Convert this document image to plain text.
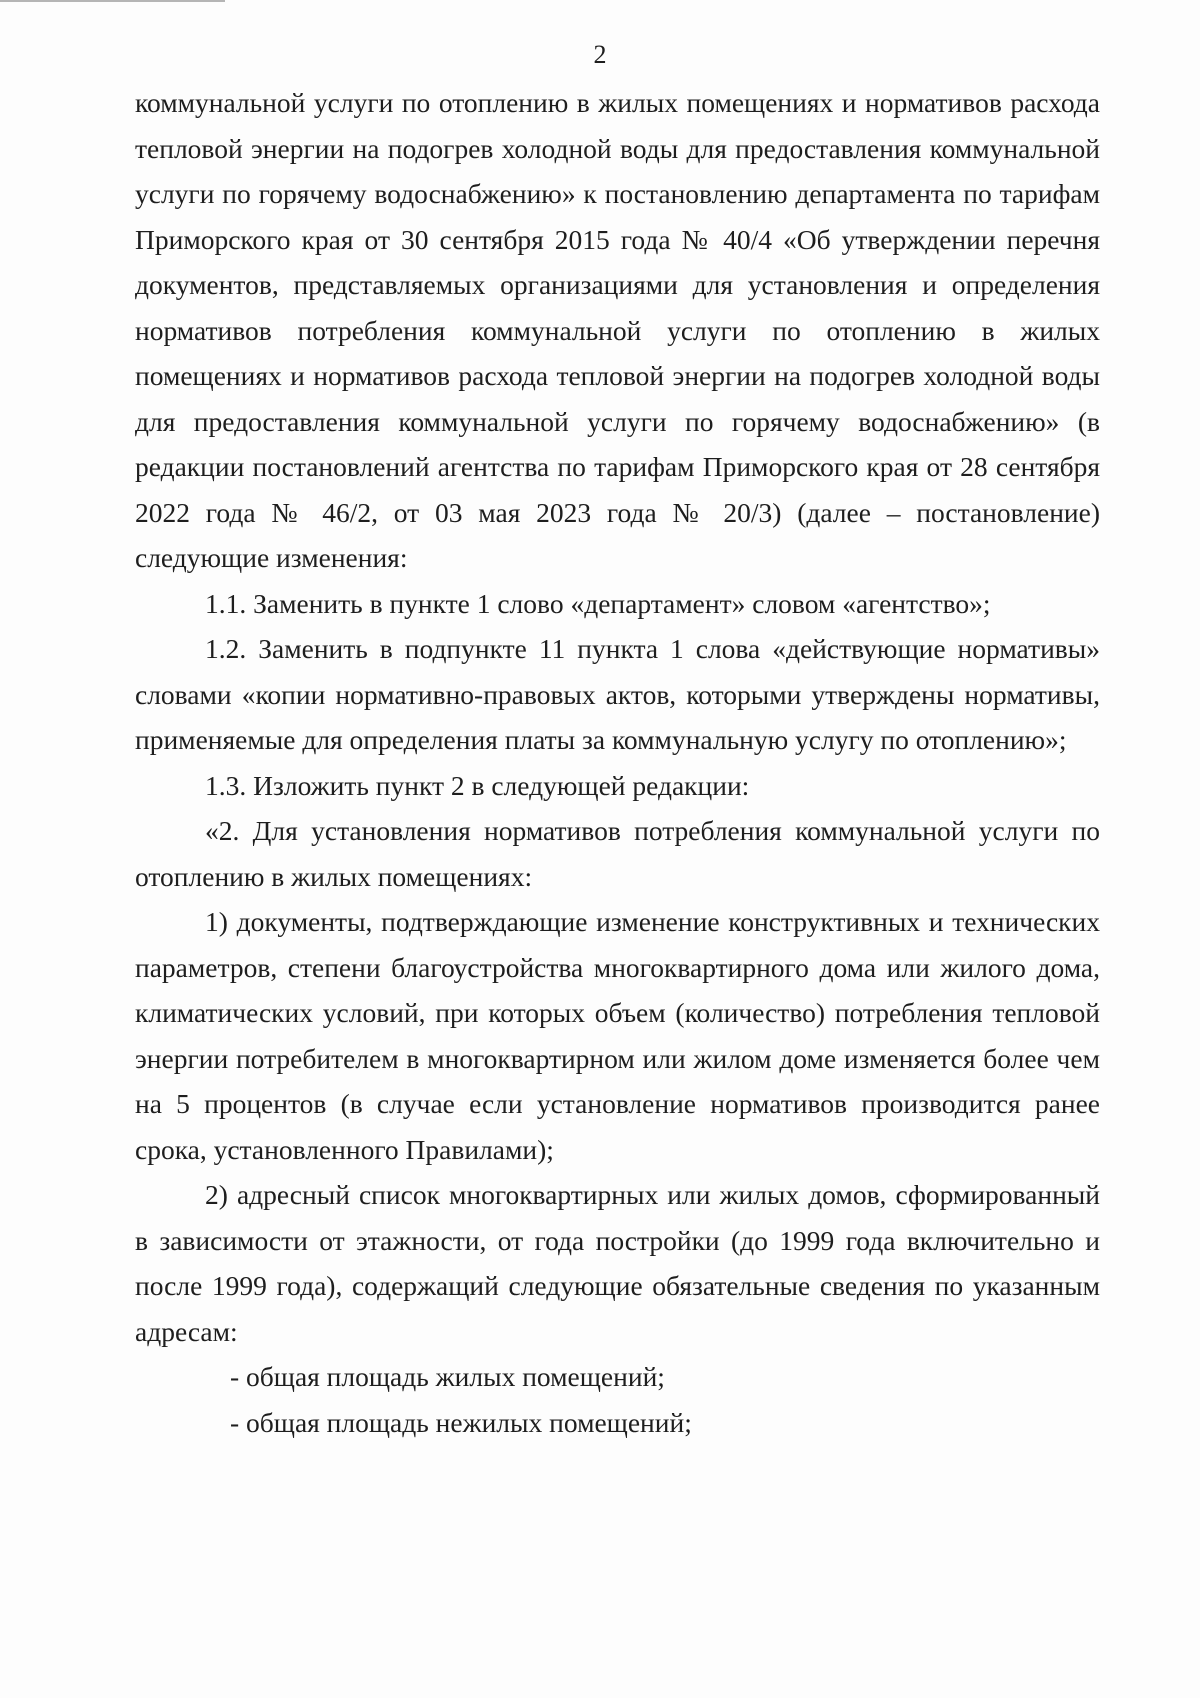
2

коммунальной услуги по отоплению в жилых помещениях и нормативов расхода тепловой энергии на подогрев холодной воды для предоставления коммунальной услуги по горячему водоснабжению» к постановлению департамента по тарифам Приморского края от 30 сентября 2015 года № 40/4 «Об утверждении перечня документов, представляемых организациями для установления и определения нормативов потребления коммунальной услуги по отоплению в жилых помещениях и нормативов расхода тепловой энергии на подогрев холодной воды для предоставления коммунальной услуги по горячему водоснабжению» (в редакции постановлений агентства по тарифам Приморского края от 28 сентября 2022 года № 46/2, от 03 мая 2023 года № 20/3) (далее – постановление) следующие изменения:

1.1. Заменить в пункте 1 слово «департамент» словом «агентство»;

1.2. Заменить в подпункте 11 пункта 1 слова «действующие нормативы» словами «копии нормативно-правовых актов, которыми утверждены нормативы, применяемые для определения платы за коммунальную услугу по отоплению»;

1.3. Изложить пункт 2 в следующей редакции:

«2. Для установления нормативов потребления коммунальной услуги по отоплению в жилых помещениях:

1) документы, подтверждающие изменение конструктивных и технических параметров, степени благоустройства многоквартирного дома или жилого дома, климатических условий, при которых объем (количество) потребления тепловой энергии потребителем в многоквартирном или жилом доме изменяется более чем на 5 процентов (в случае если установление нормативов производится ранее срока, установленного Правилами);

2) адресный список многоквартирных или жилых домов, сформированный в зависимости от этажности, от года постройки (до 1999 года включительно и после 1999 года), содержащий следующие обязательные сведения по указанным адресам:

- общая площадь жилых помещений;

- общая площадь нежилых помещений;
